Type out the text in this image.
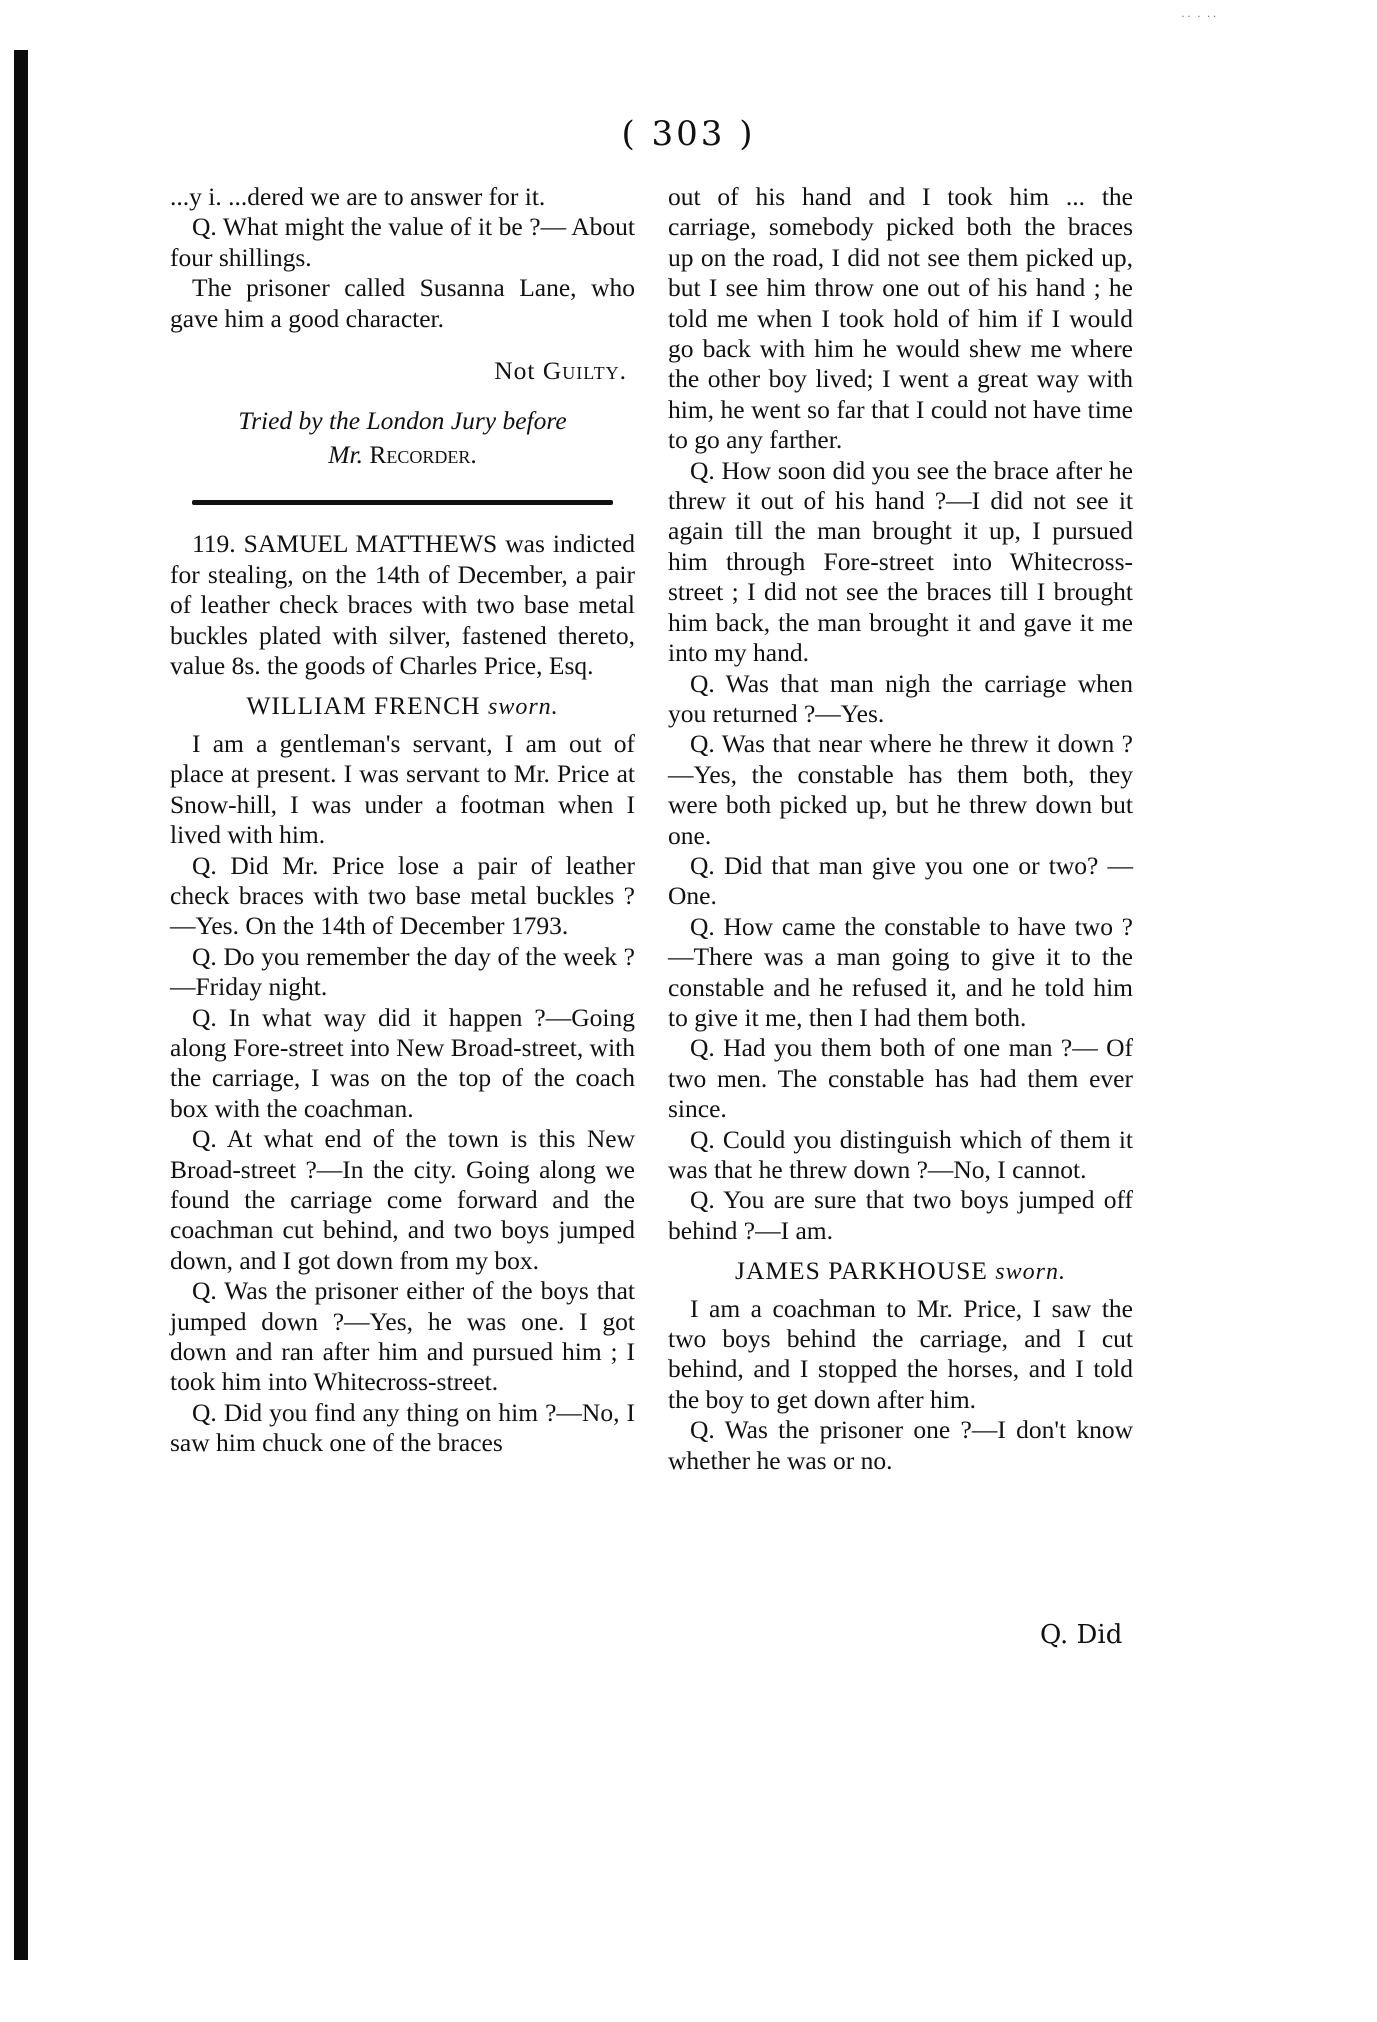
˙˙ ˙ ˙˙
( 303 )

...y i. ...dered we are to answer for it.

Q. What might the value of it be ?— About four shillings.

The prisoner called Susanna Lane, who gave him a good character.

Not Guilty.

Tried by the London Jury before

Mr. Recorder.

119. SAMUEL MATTHEWS was indicted for stealing, on the 14th of December, a pair of leather check braces with two base metal buckles plated with silver, fastened thereto, value 8s. the goods of Charles Price, Esq.

WILLIAM FRENCH sworn.

I am a gentleman's servant, I am out of place at present. I was servant to Mr. Price at Snow-hill, I was under a footman when I lived with him.

Q. Did Mr. Price lose a pair of leather check braces with two base metal buckles ?—Yes. On the 14th of December 1793.

Q. Do you remember the day of the week ?—Friday night.

Q. In what way did it happen ?—Going along Fore-street into New Broad-street, with the carriage, I was on the top of the coach box with the coachman.

Q. At what end of the town is this New Broad-street ?—In the city. Going along we found the carriage come forward and the coachman cut behind, and two boys jumped down, and I got down from my box.

Q. Was the prisoner either of the boys that jumped down ?—Yes, he was one. I got down and ran after him and pursued him ; I took him into Whitecross-street.

Q. Did you find any thing on him ?—No, I saw him chuck one of the braces

out of his hand and I took him ... the carriage, somebody picked both the braces up on the road, I did not see them picked up, but I see him throw one out of his hand ; he told me when I took hold of him if I would go back with him he would shew me where the other boy lived; I went a great way with him, he went so far that I could not have time to go any farther.

Q. How soon did you see the brace after he threw it out of his hand ?—I did not see it again till the man brought it up, I pursued him through Fore-street into Whitecross-street ; I did not see the braces till I brought him back, the man brought it and gave it me into my hand.

Q. Was that man nigh the carriage when you returned ?—Yes.

Q. Was that near where he threw it down ?—Yes, the constable has them both, they were both picked up, but he threw down but one.

Q. Did that man give you one or two? —One.

Q. How came the constable to have two ?—There was a man going to give it to the constable and he refused it, and he told him to give it me, then I had them both.

Q. Had you them both of one man ?— Of two men. The constable has had them ever since.

Q. Could you distinguish which of them it was that he threw down ?—No, I cannot.

Q. You are sure that two boys jumped off behind ?—I am.

JAMES PARKHOUSE sworn.

I am a coachman to Mr. Price, I saw the two boys behind the carriage, and I cut behind, and I stopped the horses, and I told the boy to get down after him.

Q. Was the prisoner one ?—I don't know whether he was or no.

Q. Did
